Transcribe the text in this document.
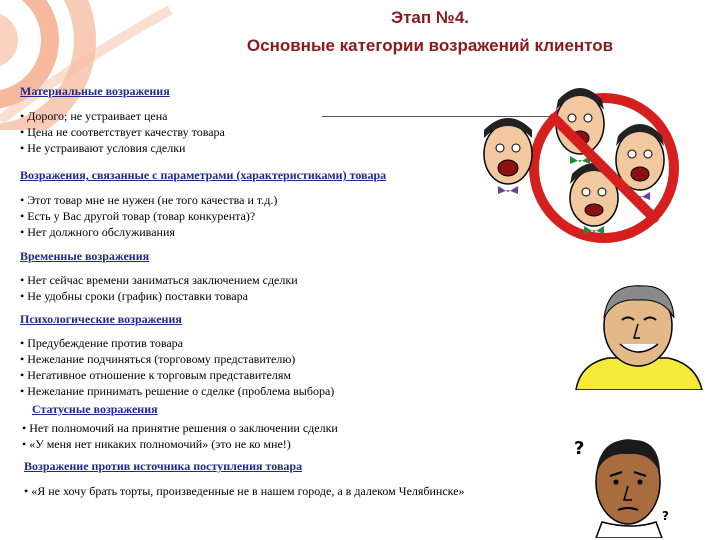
Этап №4.
Основные категории возражений клиентов
Материальные возражения
• Дорого; не устраивает цена
• Цена не соответствует качеству товара
• Не устраивают условия сделки
Возражения, связанные с параметрами (характеристиками) товара
• Этот товар мне не нужен (не того качества и т.д.)
• Есть у Вас другой товар (товар конкурента)?
• Нет должного обслуживания
Временные возражения
• Нет сейчас времени заниматься заключением сделки
• Не удобны сроки (график) поставки товара
Психологические возражения
• Предубеждение против товара
• Нежелание подчиняться (торговому представителю)
• Негативное отношение к торговым представителям
• Нежелание принимать решение о сделке (проблема выбора)
Статусные возражения
• Нет полномочий на принятие решения о заключении сделки
• «У меня нет никаких полномочий» (это не ко мне!)
Возражение против источника поступления товара
• «Я не хочу брать торты, произведенные не в нашем городе, а в далеком Челябинске»
?
?
